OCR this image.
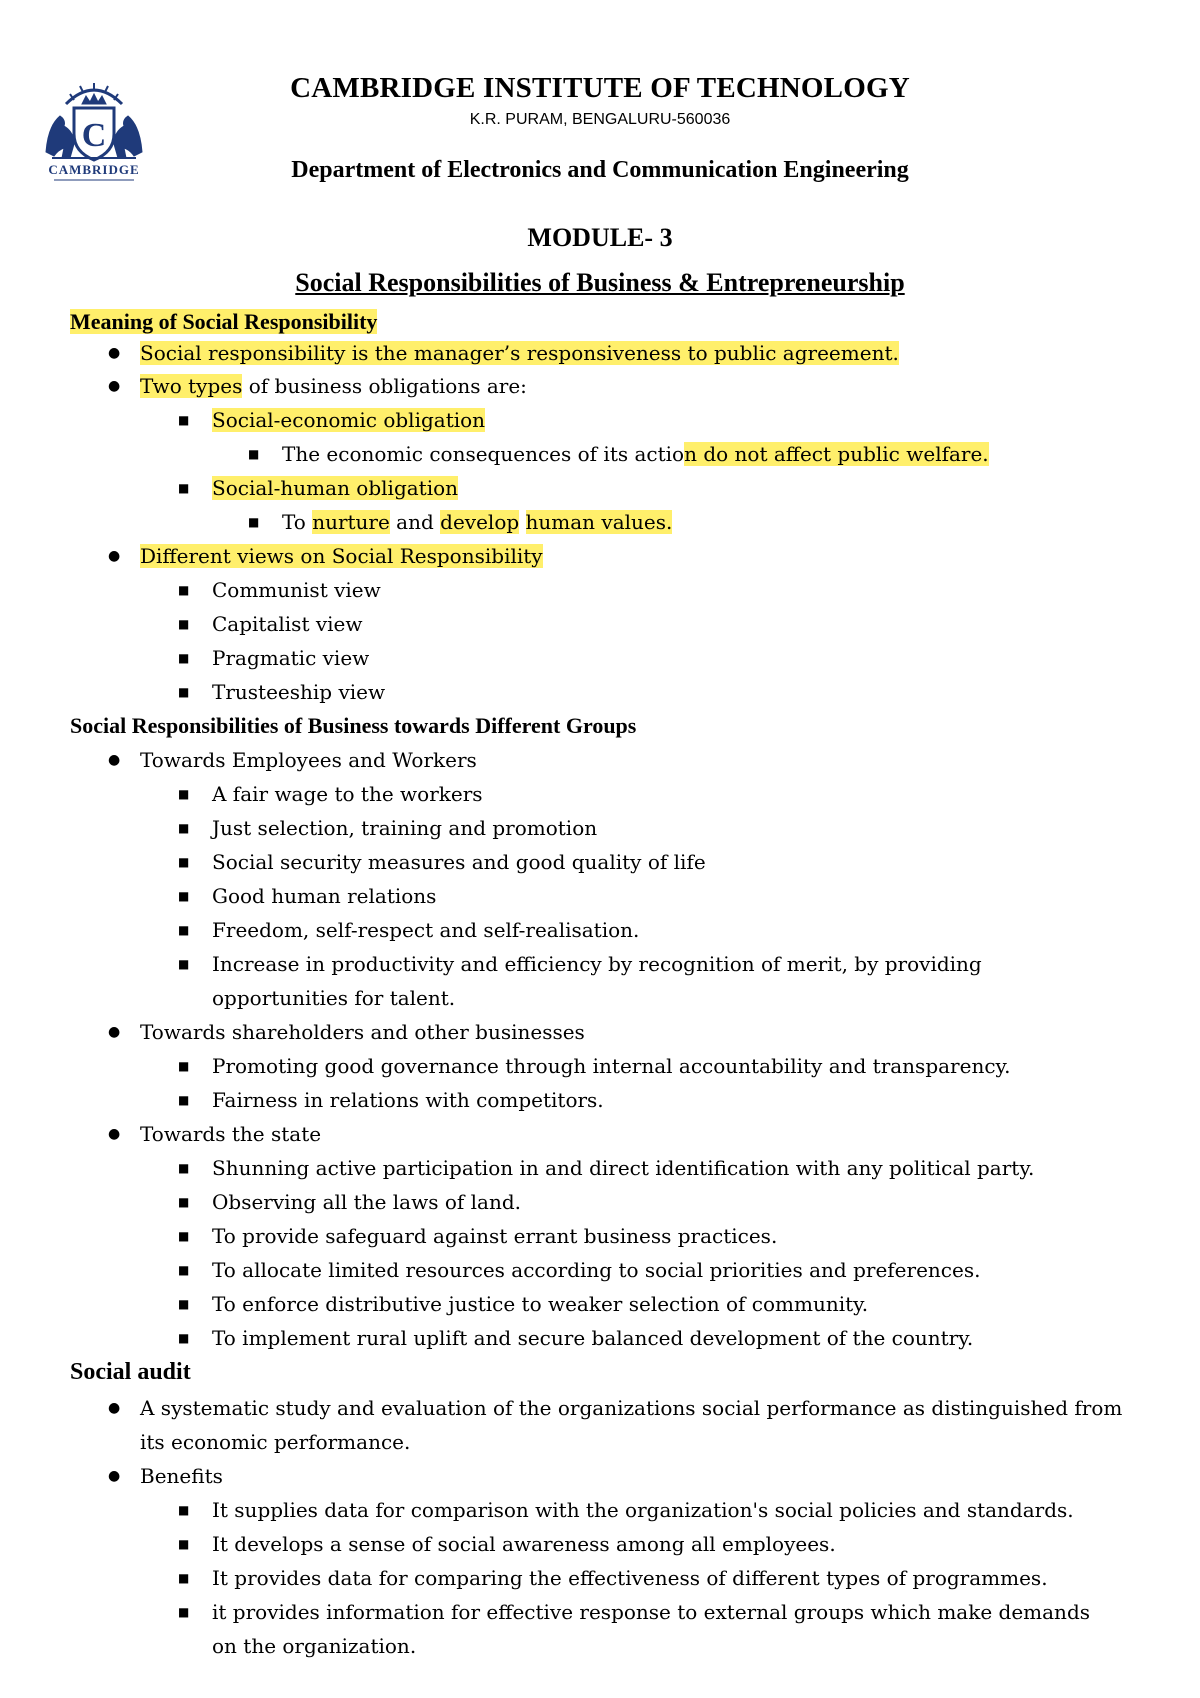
C
CAMBRIDGE
CAMBRIDGE INSTITUTE OF TECHNOLOGY
K.R. PURAM, BENGALURU-560036
Department of Electronics and Communication Engineering
MODULE- 3
Social Responsibilities of Business & Entrepreneurship
Meaning of Social Responsibility
● Social responsibility is the manager’s responsiveness to public agreement.
● Two types of business obligations are:
■ Social-economic obligation
■ The economic consequences of its action do not affect public welfare.
■ Social-human obligation
■ To nurture and develop human values.
● Different views on Social Responsibility
■ Communist view
■ Capitalist view
■ Pragmatic view
■ Trusteeship view
Social Responsibilities of Business towards Different Groups
● Towards Employees and Workers
■ A fair wage to the workers
■ Just selection, training and promotion
■ Social security measures and good quality of life
■ Good human relations
■ Freedom, self-respect and self-realisation.
■ Increase in productivity and efficiency by recognition of merit, by providing
opportunities for talent.
● Towards shareholders and other businesses
■ Promoting good governance through internal accountability and transparency.
■ Fairness in relations with competitors.
● Towards the state
■ Shunning active participation in and direct identification with any political party.
■ Observing all the laws of land.
■ To provide safeguard against errant business practices.
■ To allocate limited resources according to social priorities and preferences.
■ To enforce distributive justice to weaker selection of community.
■ To implement rural uplift and secure balanced development of the country.
Social audit
● A systematic study and evaluation of the organizations social performance as distinguished from
its economic performance.
● Benefits
■ It supplies data for comparison with the organization's social policies and standards.
■ It develops a sense of social awareness among all employees.
■ It provides data for comparing the effectiveness of different types of programmes.
■ it provides information for effective response to external groups which make demands
on the organization.
